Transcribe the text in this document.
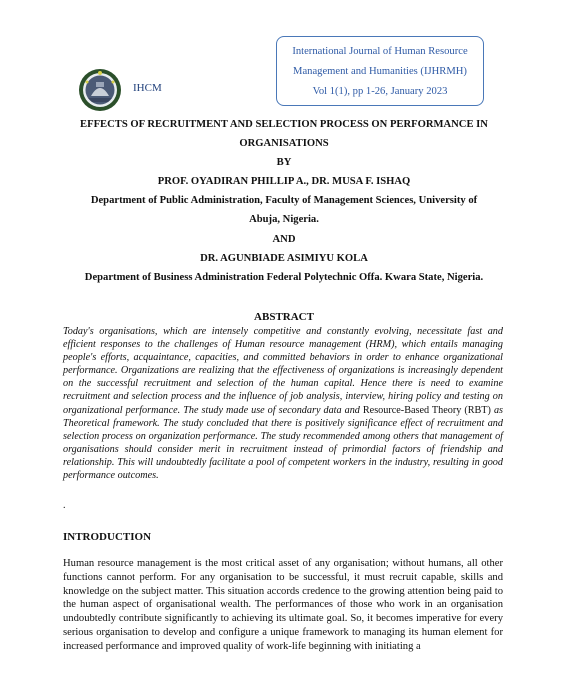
International Journal of Human Resource
Management and Humanities (IJHRMH)
Vol 1(1), pp 1-26, January 2023
IHCM
EFFECTS OF RECRUITMENT AND SELECTION PROCESS ON PERFORMANCE IN
ORGANISATIONS
BY
PROF. OYADIRAN PHILLIP A., DR. MUSA F. ISHAQ
Department of Public Administration, Faculty of Management Sciences, University of
Abuja, Nigeria.
AND
DR. AGUNBIADE ASIMIYU KOLA
Department of Business Administration Federal Polytechnic Offa. Kwara State, Nigeria.
ABSTRACT
Today's organisations, which are intensely competitive and constantly evolving, necessitate fast and efficient responses to the challenges of Human resource management (HRM), which entails managing people's efforts, acquaintance, capacities, and committed behaviors in order to enhance organizational performance. Organizations are realizing that the effectiveness of organizations is increasingly dependent on the successful recruitment and selection of the human capital. Hence there is need to examine recruitment and selection process and the influence of job analysis, interview, hiring policy and testing on organizational performance. The study made use of secondary data and Resource-Based Theory (RBT) as Theoretical framework. The study concluded that there is positively significance effect of recruitment and selection process on organization performance. The study recommended among others that management of organisations should consider merit in recruitment instead of primordial factors of friendship and relationship. This will undoubtedly facilitate a pool of competent workers in the industry, resulting in good performance outcomes.
.
INTRODUCTION
Human resource management is the most critical asset of any organisation; without humans, all other functions cannot perform. For any organisation to be successful, it must recruit capable, skills and knowledge on the subject matter. This situation accords credence to the growing attention being paid to the human aspect of organisational wealth. The performances of those who work in an organisation undoubtedly contribute significantly to achieving its ultimate goal. So, it becomes imperative for every serious organisation to develop and configure a unique framework to managing its human element for increased performance and improved quality of work-life beginning with initiating a
